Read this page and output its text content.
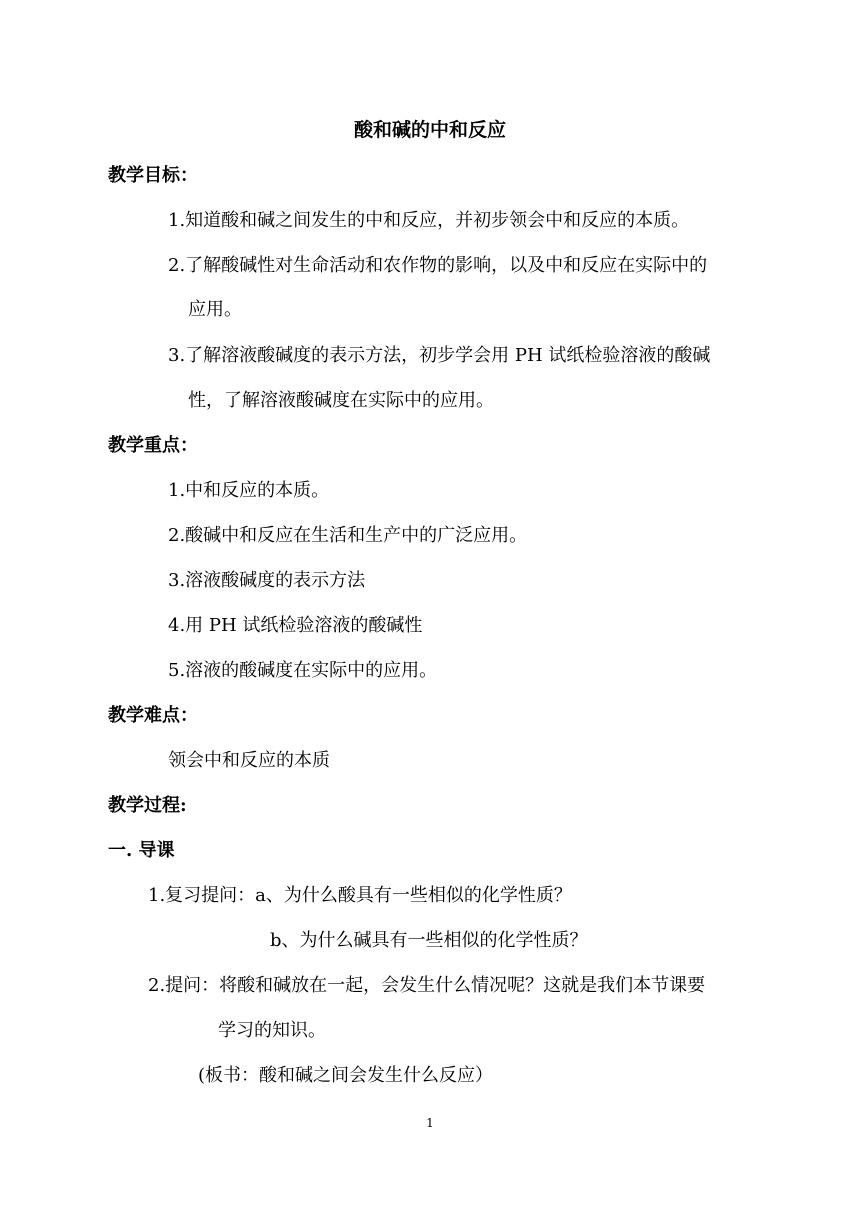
酸和碱的中和反应
教学目标：
1.知道酸和碱之间发生的中和反应，并初步领会中和反应的本质。
2.了解酸碱性对生命活动和农作物的影响，以及中和反应在实际中的
应用。
3.了解溶液酸碱度的表示方法，初步学会用 PH 试纸检验溶液的酸碱
性，了解溶液酸碱度在实际中的应用。
教学重点：
1.中和反应的本质。
2.酸碱中和反应在生活和生产中的广泛应用。
3.溶液酸碱度的表示方法
4.用 PH 试纸检验溶液的酸碱性
5.溶液的酸碱度在实际中的应用。
教学难点：
领会中和反应的本质
教学过程:
一. 导课
1.复习提问：a、为什么酸具有一些相似的化学性质？
b、为什么碱具有一些相似的化学性质？
2.提问：将酸和碱放在一起，会发生什么情况呢？这就是我们本节课要
学习的知识。
(板书：酸和碱之间会发生什么反应）
1
